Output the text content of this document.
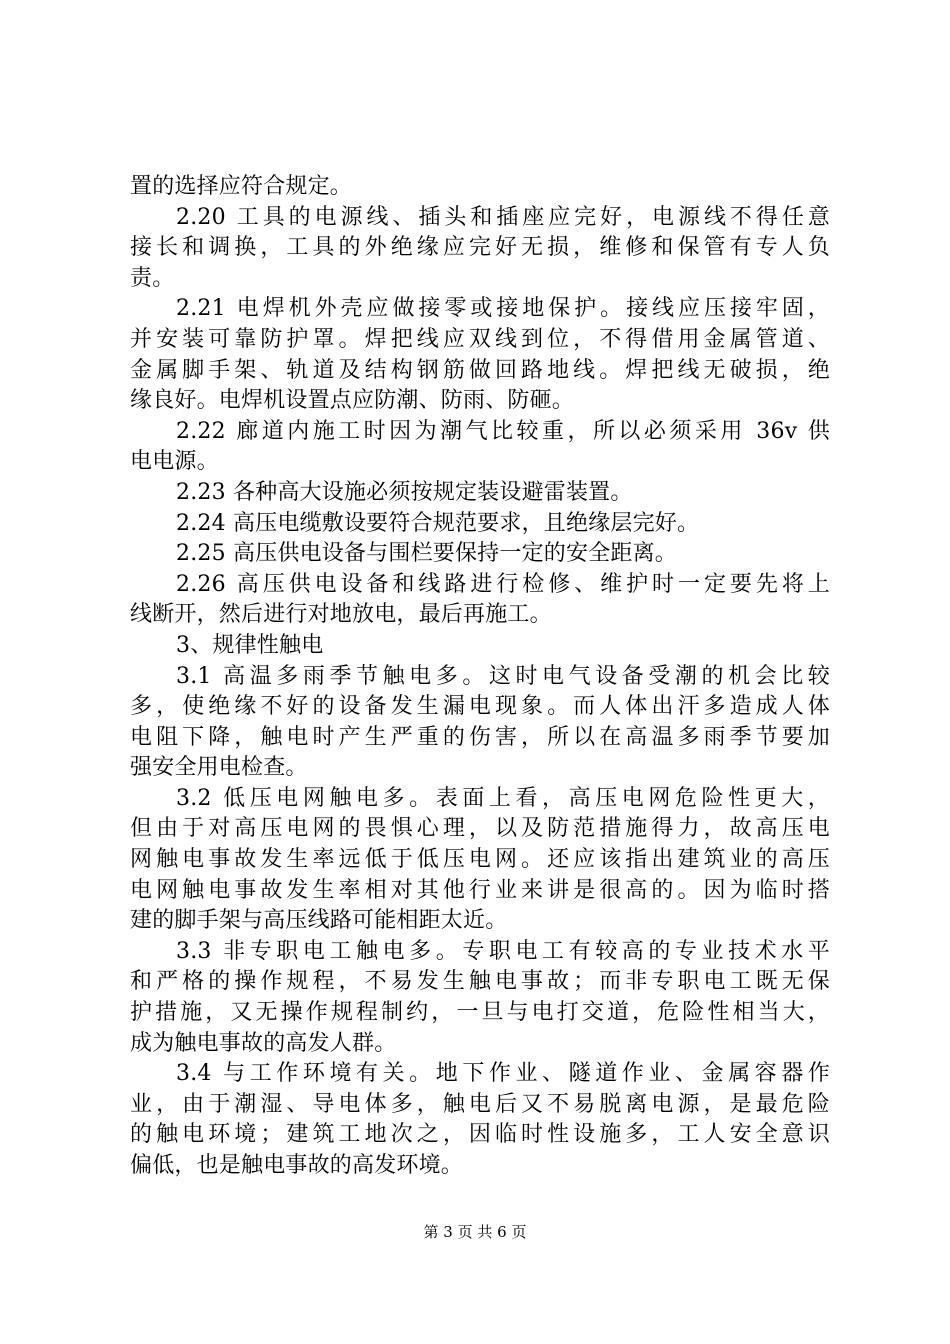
置的选择应符合规定。
2.20 工具的电源线、插头和插座应完好，电源线不得任意
接长和调换，工具的外绝缘应完好无损，维修和保管有专人负
责。
2.21 电焊机外壳应做接零或接地保护。接线应压接牢固，
并安装可靠防护罩。焊把线应双线到位，不得借用金属管道、
金属脚手架、轨道及结构钢筋做回路地线。焊把线无破损，绝
缘良好。电焊机设置点应防潮、防雨、防砸。
2.22 廊道内施工时因为潮气比较重，所以必须采用 36v 供
电电源。
2.23 各种高大设施必须按规定装设避雷装置。
2.24 高压电缆敷设要符合规范要求，且绝缘层完好。
2.25 高压供电设备与围栏要保持一定的安全距离。
2.26 高压供电设备和线路进行检修、维护时一定要先将上
线断开，然后进行对地放电，最后再施工。
3、规律性触电
3.1 高温多雨季节触电多。这时电气设备受潮的机会比较
多，使绝缘不好的设备发生漏电现象。而人体出汗多造成人体
电阻下降，触电时产生严重的伤害，所以在高温多雨季节要加
强安全用电检查。
3.2 低压电网触电多。表面上看，高压电网危险性更大，
但由于对高压电网的畏惧心理，以及防范措施得力，故高压电
网触电事故发生率远低于低压电网。还应该指出建筑业的高压
电网触电事故发生率相对其他行业来讲是很高的。因为临时搭
建的脚手架与高压线路可能相距太近。
3.3 非专职电工触电多。专职电工有较高的专业技术水平
和严格的操作规程，不易发生触电事故；而非专职电工既无保
护措施，又无操作规程制约，一旦与电打交道，危险性相当大，
成为触电事故的高发人群。
3.4 与工作环境有关。地下作业、隧道作业、金属容器作
业，由于潮湿、导电体多，触电后又不易脱离电源，是最危险
的触电环境；建筑工地次之，因临时性设施多，工人安全意识
偏低，也是触电事故的高发环境。
第 3 页 共 6 页
